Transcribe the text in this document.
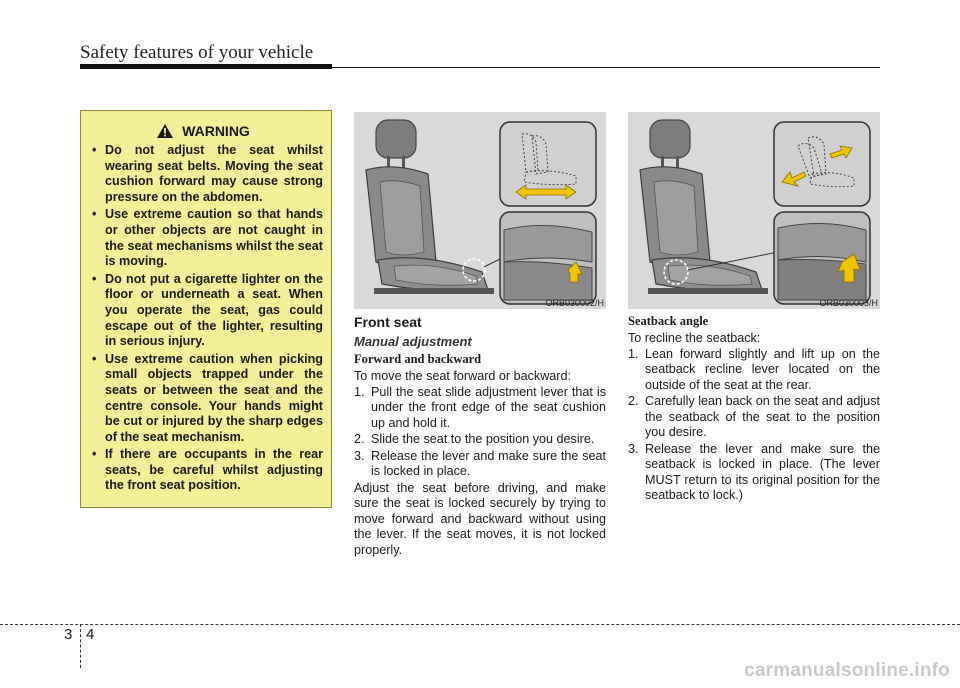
Safety features of your vehicle
WARNING
• Do not adjust the seat whilst wearing seat belts. Moving the seat cushion forward may cause strong pressure on the abdomen.
• Use extreme caution so that hands or other objects are not caught in the seat mechanisms whilst the seat is moving.
• Do not put a cigarette lighter on the floor or underneath a seat. When you operate the seat, gas could escape out of the lighter, resulting in serious injury.
• Use extreme caution when picking small objects trapped under the seats or between the seat and the centre console. Your hands might be cut or injured by the sharp edges of the seat mechanism.
• If there are occupants in the rear seats, be careful whilst adjusting the front seat position.
ORB030002/H	ORB030003/H
Front seat
Manual adjustment
Forward and backward

To move the seat forward or backward:

1. Pull the seat slide adjustment lever that is under the front edge of the seat cushion up and hold it.
2. Slide the seat to the position you desire.
3. Release the lever and make sure the seat is locked in place.

Adjust the seat before driving, and make sure the seat is locked securely by trying to move forward and backward without using the lever. If the seat moves, it is not locked properly.

Seatback angle

To recline the seatback:

1. Lean forward slightly and lift up on the seatback recline lever located on the outside of the seat at the rear.
2. Carefully lean back on the seat and adjust the seatback of the seat to the position you desire.
3. Release the lever and make sure the seatback is locked in place. (The lever MUST return to its original position for the seatback to lock.)
3 4
carmanualsonline.info
